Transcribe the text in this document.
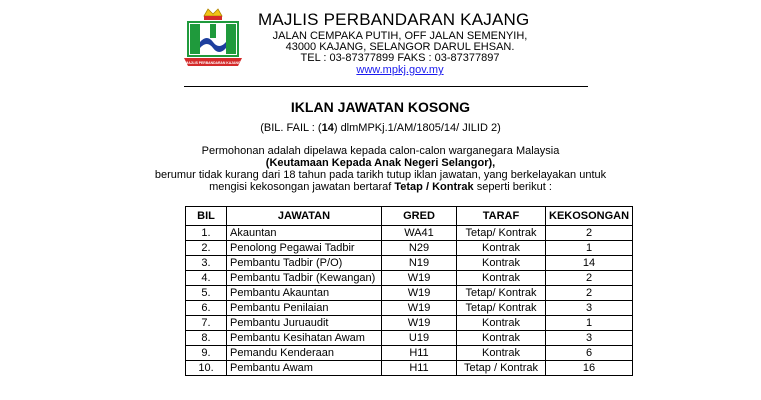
MAJLIS PERBANDARAN KAJANG
MAJLIS PERBANDARAN KAJANG
JALAN CEMPAKA PUTIH, OFF JALAN SEMENYIH,
43000 KAJANG, SELANGOR DARUL EHSAN.
TEL : 03-87377899 FAKS : 03-87377897
www.mpkj.gov.my
IKLAN JAWATAN KOSONG
(BIL. FAIL : (14) dlmMPKj.1/AM/1805/14/ JILID 2)
Permohonan adalah dipelawa kepada calon-calon warganegara Malaysia
(Keutamaan Kepada Anak Negeri Selangor),
berumur tidak kurang dari 18 tahun pada tarikh tutup iklan jawatan, yang berkelayakan untuk
mengisi kekosongan jawatan bertaraf Tetap / Kontrak seperti berikut :
BIL	JAWATAN	GRED	TARAF	KEKOSONGAN
1.	Akauntan	WA41	Tetap/ Kontrak	2
2.	Penolong Pegawai Tadbir	N29	Kontrak	1
3.	Pembantu Tadbir (P/O)	N19	Kontrak	14
4.	Pembantu Tadbir (Kewangan)	W19	Kontrak	2
5.	Pembantu Akauntan	W19	Tetap/ Kontrak	2
6.	Pembantu Penilaian	W19	Tetap/ Kontrak	3
7.	Pembantu Juruaudit	W19	Kontrak	1
8.	Pembantu Kesihatan Awam	U19	Kontrak	3
9.	Pemandu Kenderaan	H11	Kontrak	6
10.	Pembantu Awam	H11	Tetap / Kontrak	16
